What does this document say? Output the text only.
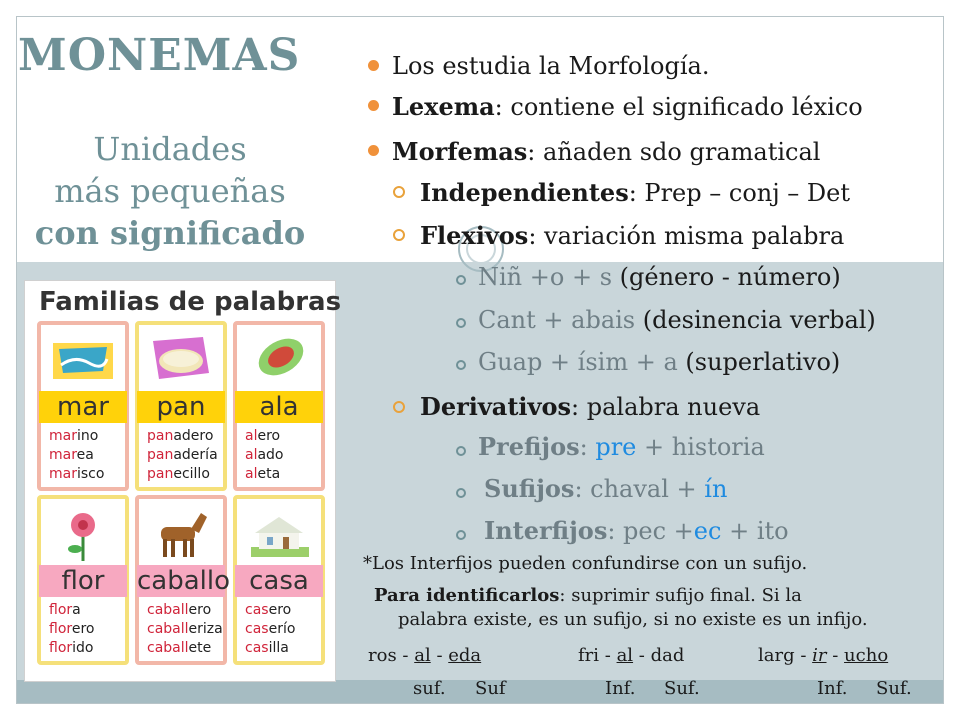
MONEMAS
Unidades
más pequeñas
con significado
Los estudia la Morfología.
Lexema: contiene el significado léxico
Morfemas: añaden sdo gramatical
Independientes: Prep – conj – Det
Flexivos: variación misma palabra
Niñ +o + s (género - número)
Cant + abais (desinencia verbal)
Guap + ísim + a (superlativo)
Derivativos: palabra nueva
Prefijos: pre + historia
Sufijos: chaval + ín
Interfijos: pec +ec + ito
*Los Interfijos pueden confundirse con un sufijo.
Para identificarlos: suprimir sufijo final. Si la
palabra existe, es un sufijo, si no existe es un infijo.
ros - al - eda	fri - al - dad	larg - ir - ucho
suf. Suf	Inf. Suf.	Inf. Suf.
Familias de palabras
mar
marino
marea
marisco
pan
panadero
panadería
panecillo
ala
alero
alado
aleta
flor
flora
florero
florido
caballo
caballero
caballeriza
caballete
casa
casero
caserío
casilla
